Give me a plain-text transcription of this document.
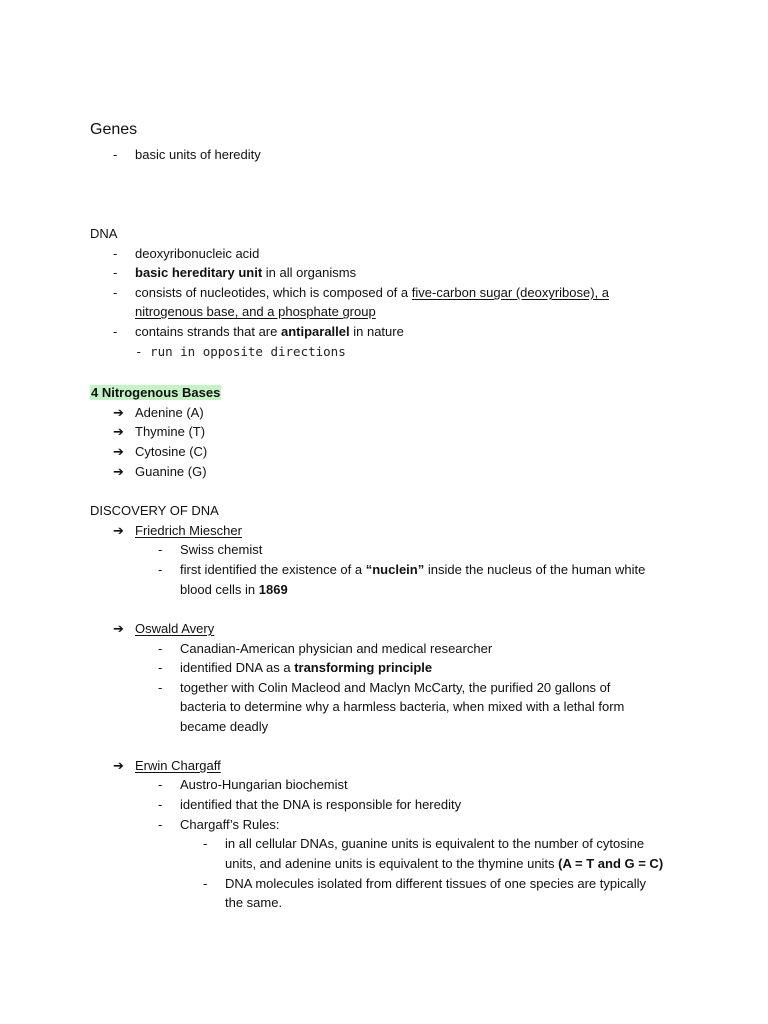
Genes
-	basic units of heredity
DNA
-	deoxyribonucleic acid
-	basic hereditary unit in all organisms
-	consists of nucleotides, which is composed of a five-carbon sugar (deoxyribose), a
nitrogenous base, and a phosphate group
-	contains strands that are antiparallel in nature
- run in opposite directions
4 Nitrogenous Bases
➔ Adenine (A)
➔ Thymine (T)
➔ Cytosine (C)
➔ Guanine (G)
DISCOVERY OF DNA
➔ Friedrich Miescher
-	Swiss chemist
-	first identified the existence of a “nuclein” inside the nucleus of the human white
blood cells in 1869
➔ Oswald Avery
-	Canadian-American physician and medical researcher
-	identified DNA as a transforming principle
-	together with Colin Macleod and Maclyn McCarty, the purified 20 gallons of
bacteria to determine why a harmless bacteria, when mixed with a lethal form
became deadly
➔ Erwin Chargaff
-	Austro-Hungarian biochemist
-	identified that the DNA is responsible for heredity
-	Chargaff’s Rules:
-	in all cellular DNAs, guanine units is equivalent to the number of cytosine
units, and adenine units is equivalent to the thymine units (A = T and G = C)
-	DNA molecules isolated from different tissues of one species are typically
the same.
